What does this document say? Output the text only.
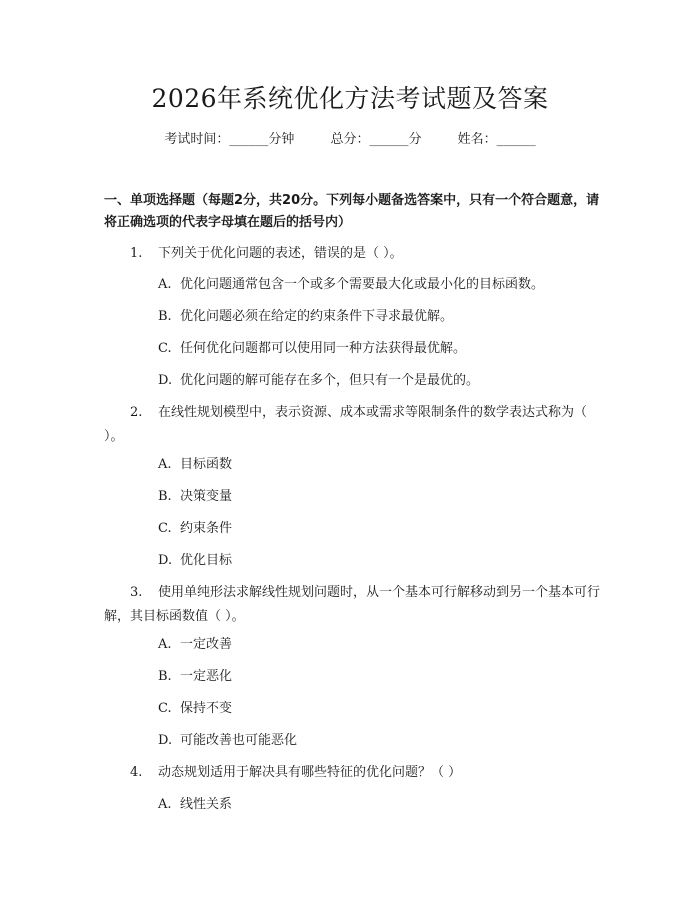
2026年系统优化方法考试题及答案
考试时间：______分钟	总分：______分	姓名：______
一、单项选择题（每题2分，共20分。下列每小题备选答案中，只有一个符合题意，请将正确选项的代表字母填在题后的括号内）
1. 下列关于优化问题的表述，错误的是（ ）。
A. 优化问题通常包含一个或多个需要最大化或最小化的目标函数。
B. 优化问题必须在给定的约束条件下寻求最优解。
C. 任何优化问题都可以使用同一种方法获得最优解。
D. 优化问题的解可能存在多个，但只有一个是最优的。
2. 在线性规划模型中，表示资源、成本或需求等限制条件的数学表达式称为（ ）。
A. 目标函数
B. 决策变量
C. 约束条件
D. 优化目标
3. 使用单纯形法求解线性规划问题时，从一个基本可行解移动到另一个基本可行解，其目标函数值（ ）。
A. 一定改善
B. 一定恶化
C. 保持不变
D. 可能改善也可能恶化
4. 动态规划适用于解决具有哪些特征的优化问题？（ ）
A. 线性关系
